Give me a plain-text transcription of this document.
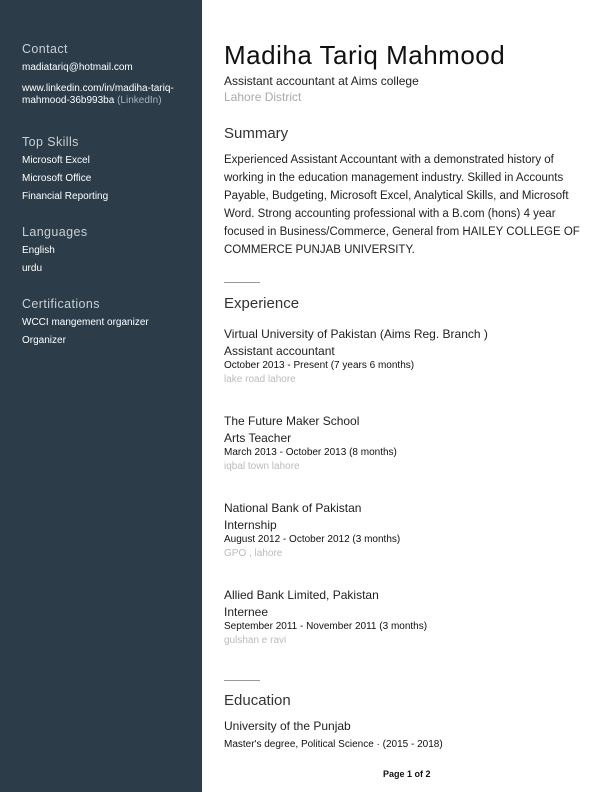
Contact
madiatariq@hotmail.com
www.linkedin.com/in/madiha-tariq-
mahmood-36b993ba (LinkedIn)
Top Skills
Microsoft Excel
Microsoft Office
Financial Reporting
Languages
English
urdu
Certifications
WCCI mangement organizer
Organizer
Madiha Tariq Mahmood
Assistant accountant at Aims college
Lahore District
Summary
Experienced Assistant Accountant with a demonstrated history of working in the education management industry. Skilled in Accounts Payable, Budgeting, Microsoft Excel, Analytical Skills, and Microsoft Word. Strong accounting professional with a B.com (hons) 4 year focused in Business/Commerce, General from HAILEY COLLEGE OF COMMERCE PUNJAB UNIVERSITY.
Experience
Virtual University of Pakistan (Aims Reg. Branch )
Assistant accountant
October 2013 - Present (7 years 6 months)
lake road lahore
The Future Maker School
Arts Teacher
March 2013 - October 2013 (8 months)
iqbal town lahore
National Bank of Pakistan
Internship
August 2012 - October 2012 (3 months)
GPO , lahore
Allied Bank Limited, Pakistan
Internee
September 2011 - November 2011 (3 months)
gulshan e ravi
Education
University of the Punjab
Master's degree, Political Science · (2015 - 2018)
Page 1 of 2
